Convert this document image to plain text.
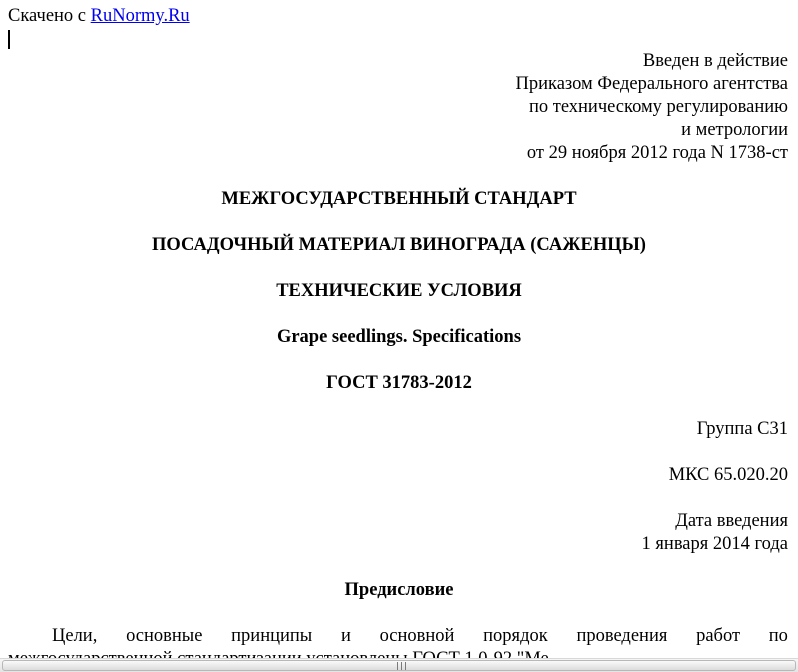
Скачено с RuNormy.Ru
Введен в действие
Приказом Федерального агентства
по техническому регулированию
и метрологии
от 29 ноября 2012 года N 1738-ст
МЕЖГОСУДАРСТВЕННЫЙ СТАНДАРТ
ПОСАДОЧНЫЙ МАТЕРИАЛ ВИНОГРАДА (САЖЕНЦЫ)
ТЕХНИЧЕСКИЕ УСЛОВИЯ
Grape seedlings. Specifications
ГОСТ 31783-2012
Группа С31
МКС 65.020.20
Дата введения
1 января 2014 года
Предисловие
Цели, основные принципы и основной порядок проведения работ по
